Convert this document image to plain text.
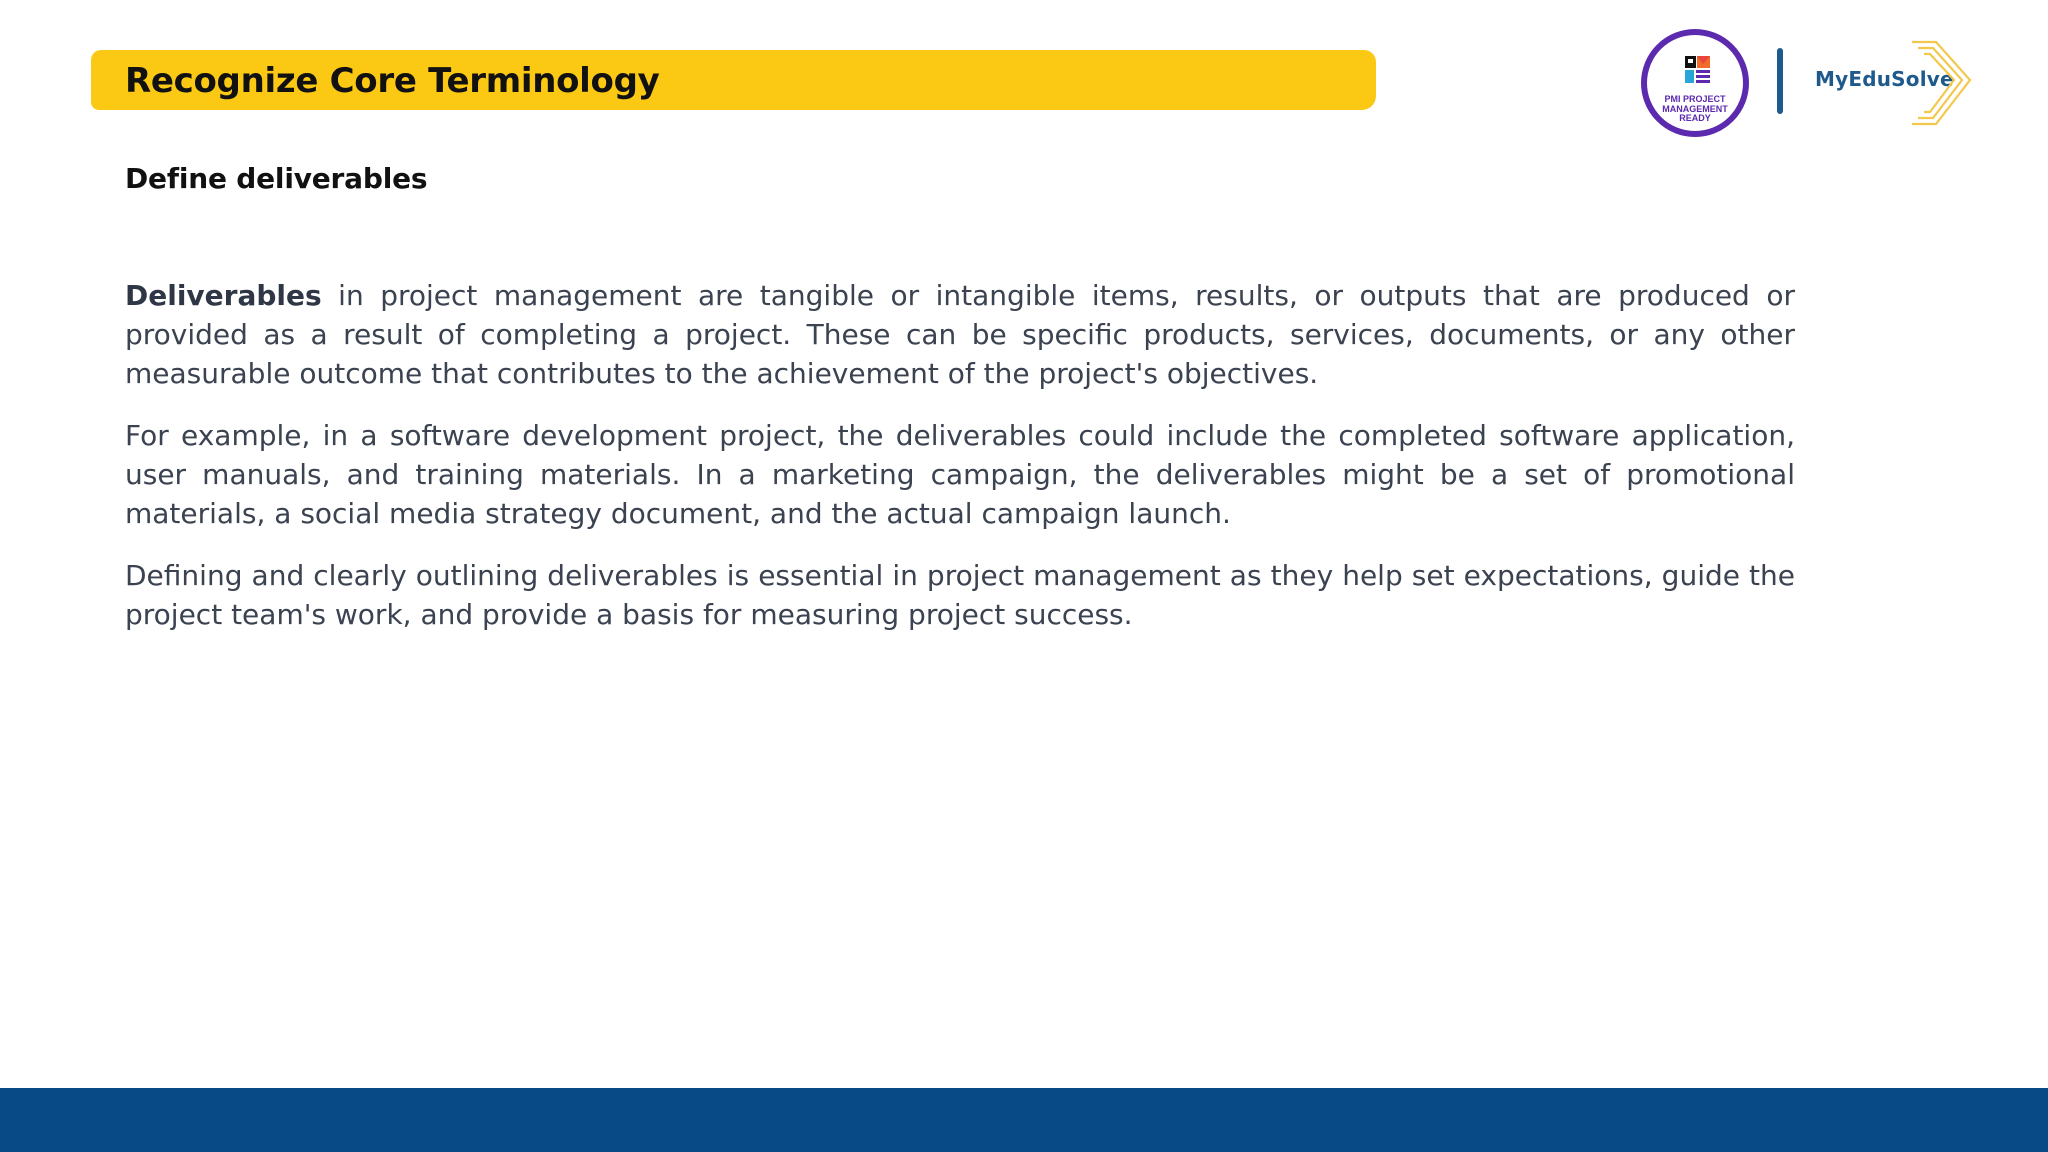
Recognize Core Terminology
Define deliverables

Deliverables in project management are tangible or intangible items, results, or outputs that are produced or provided as a result of completing a project. These can be specific products, services, documents, or any other measurable outcome that contributes to the achievement of the project's objectives.

For example, in a software development project, the deliverables could include the completed software application, user manuals, and training materials. In a marketing campaign, the deliverables might be a set of promotional materials, a social media strategy document, and the actual campaign launch.

Defining and clearly outlining deliverables is essential in project management as they help set expectations, guide the project team's work, and provide a basis for measuring project success.

PMI PROJECT
MANAGEMENT
READY
MyEduSolve
